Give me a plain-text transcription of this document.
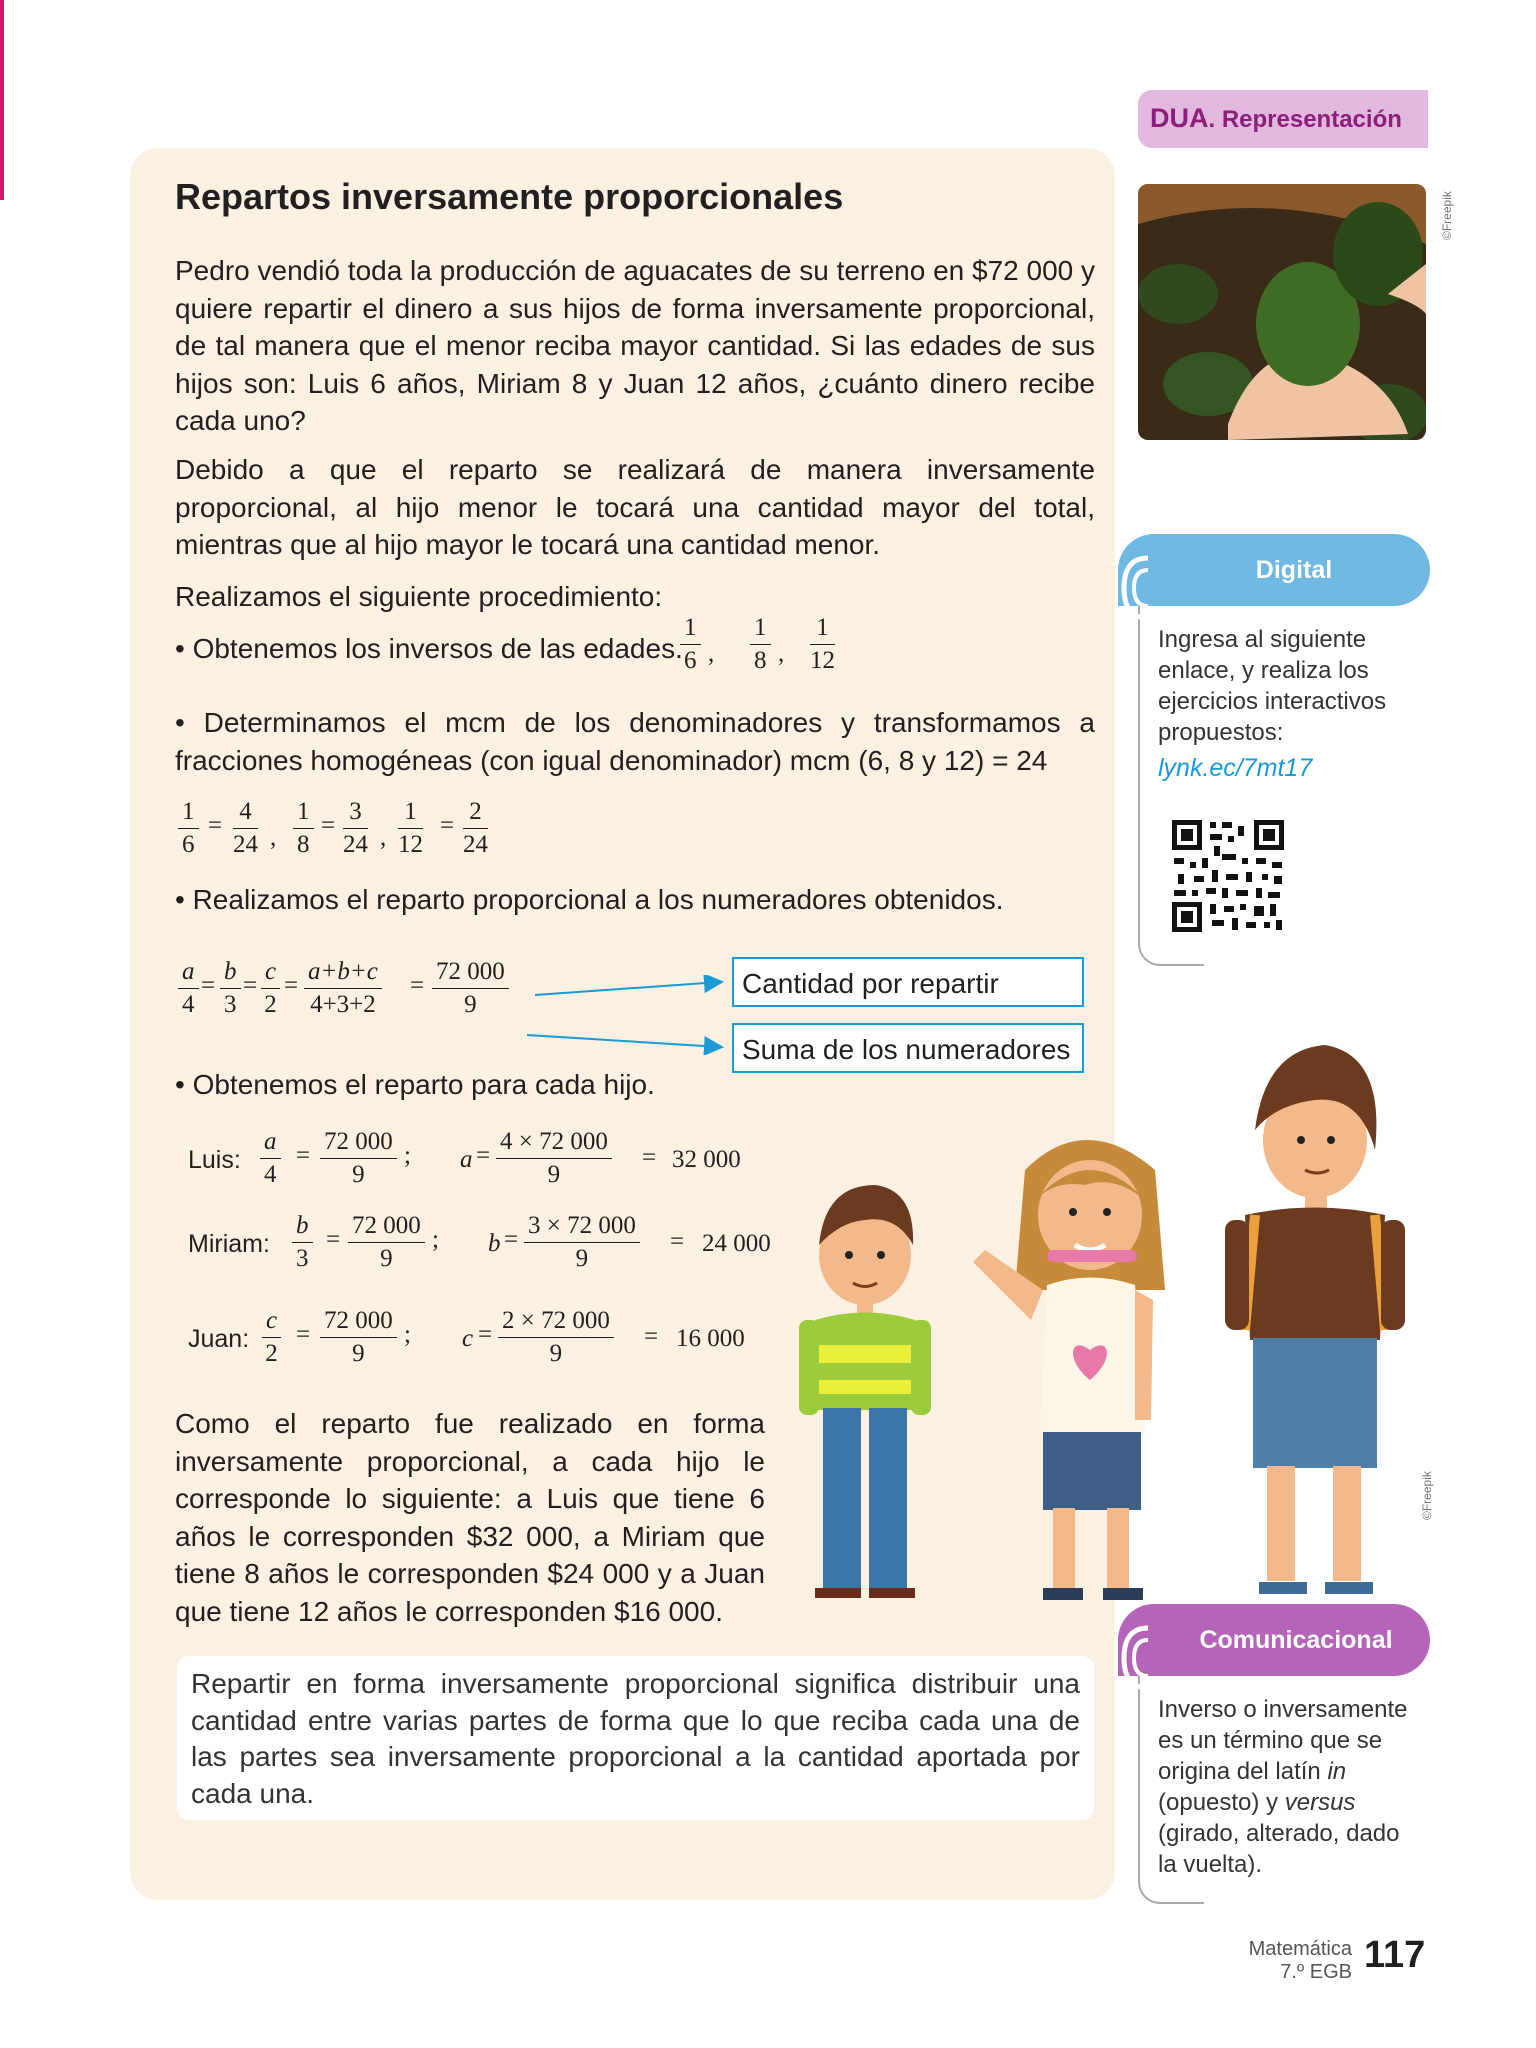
Repartos inversamente proporcionales
Pedro vendió toda la producción de aguacates de su terreno en $72 000 y quiere repartir el dinero a sus hijos de forma inversamente proporcional, de tal manera que el menor reciba mayor cantidad. Si las edades de sus hijos son: Luis 6 años, Miriam 8 y Juan 12 años, ¿cuánto dinero recibe cada uno?
Debido a que el reparto se realizará de manera inversamente proporcional, al hijo menor le tocará una cantidad mayor del total, mientras que al hijo mayor le tocará una cantidad menor.
Realizamos el siguiente procedimiento:
• Obtenemos los inversos de las edades.
$\frac{1}{6}$ , $\frac{1}{8}$ , $\frac{1}{12}$
• Determinamos el mcm de los denominadores y transformamos a fracciones homogéneas (con igual denominador) mcm (6, 8 y 12) = 24
$\frac{1}{6} = \frac{4}{24}$ , $\frac{1}{8} = \frac{3}{24}$ , $\frac{1}{12} = \frac{2}{24}$
• Realizamos el reparto proporcional a los numeradores obtenidos.
$\frac{a}{4} = \frac{b}{3} = \frac{c}{2} = \frac{a+b+c}{4+3+2} = \frac{72 000}{9}$	Cantidad por repartir
Suma de los numeradores
• Obtenemos el reparto para cada hijo.
Luis: $\frac{a}{4} = \frac{72 000}{9}$ ; $a = \frac{4 \times 72 000}{9} = 32$ 000
Miriam: $\frac{b}{3} = \frac{72 000}{9}$ ; $b = \frac{3 \times 72 000}{9} = 24$ 000
Juan: $\frac{c}{2} = \frac{72 000}{9}$ ; $c = \frac{2 \times 72 000}{9} = 16$ 000
Como el reparto fue realizado en forma inversamente proporcional, a cada hijo le corresponde lo siguiente: a Luis que tiene 6 años le corresponden $32 000, a Miriam que tiene 8 años le corresponden $24 000 y a Juan que tiene 12 años le corresponden $16 000.
Repartir en forma inversamente proporcional significa distribuir una cantidad entre varias partes de forma que lo que reciba cada una de las partes sea inversamente proporcional a la cantidad aportada por cada una.
DUA. Representación
©Freepik
Digital
Ingresa al siguiente enlace, y realiza los ejercicios interactivos propuestos:
lynk.ec/7mt17
©Freepik
Comunicacional
Inverso o inversamente es un término que se origina del latín in (opuesto) y versus (girado, alterado, dado la vuelta).
Matemática
7.º EGB 117
